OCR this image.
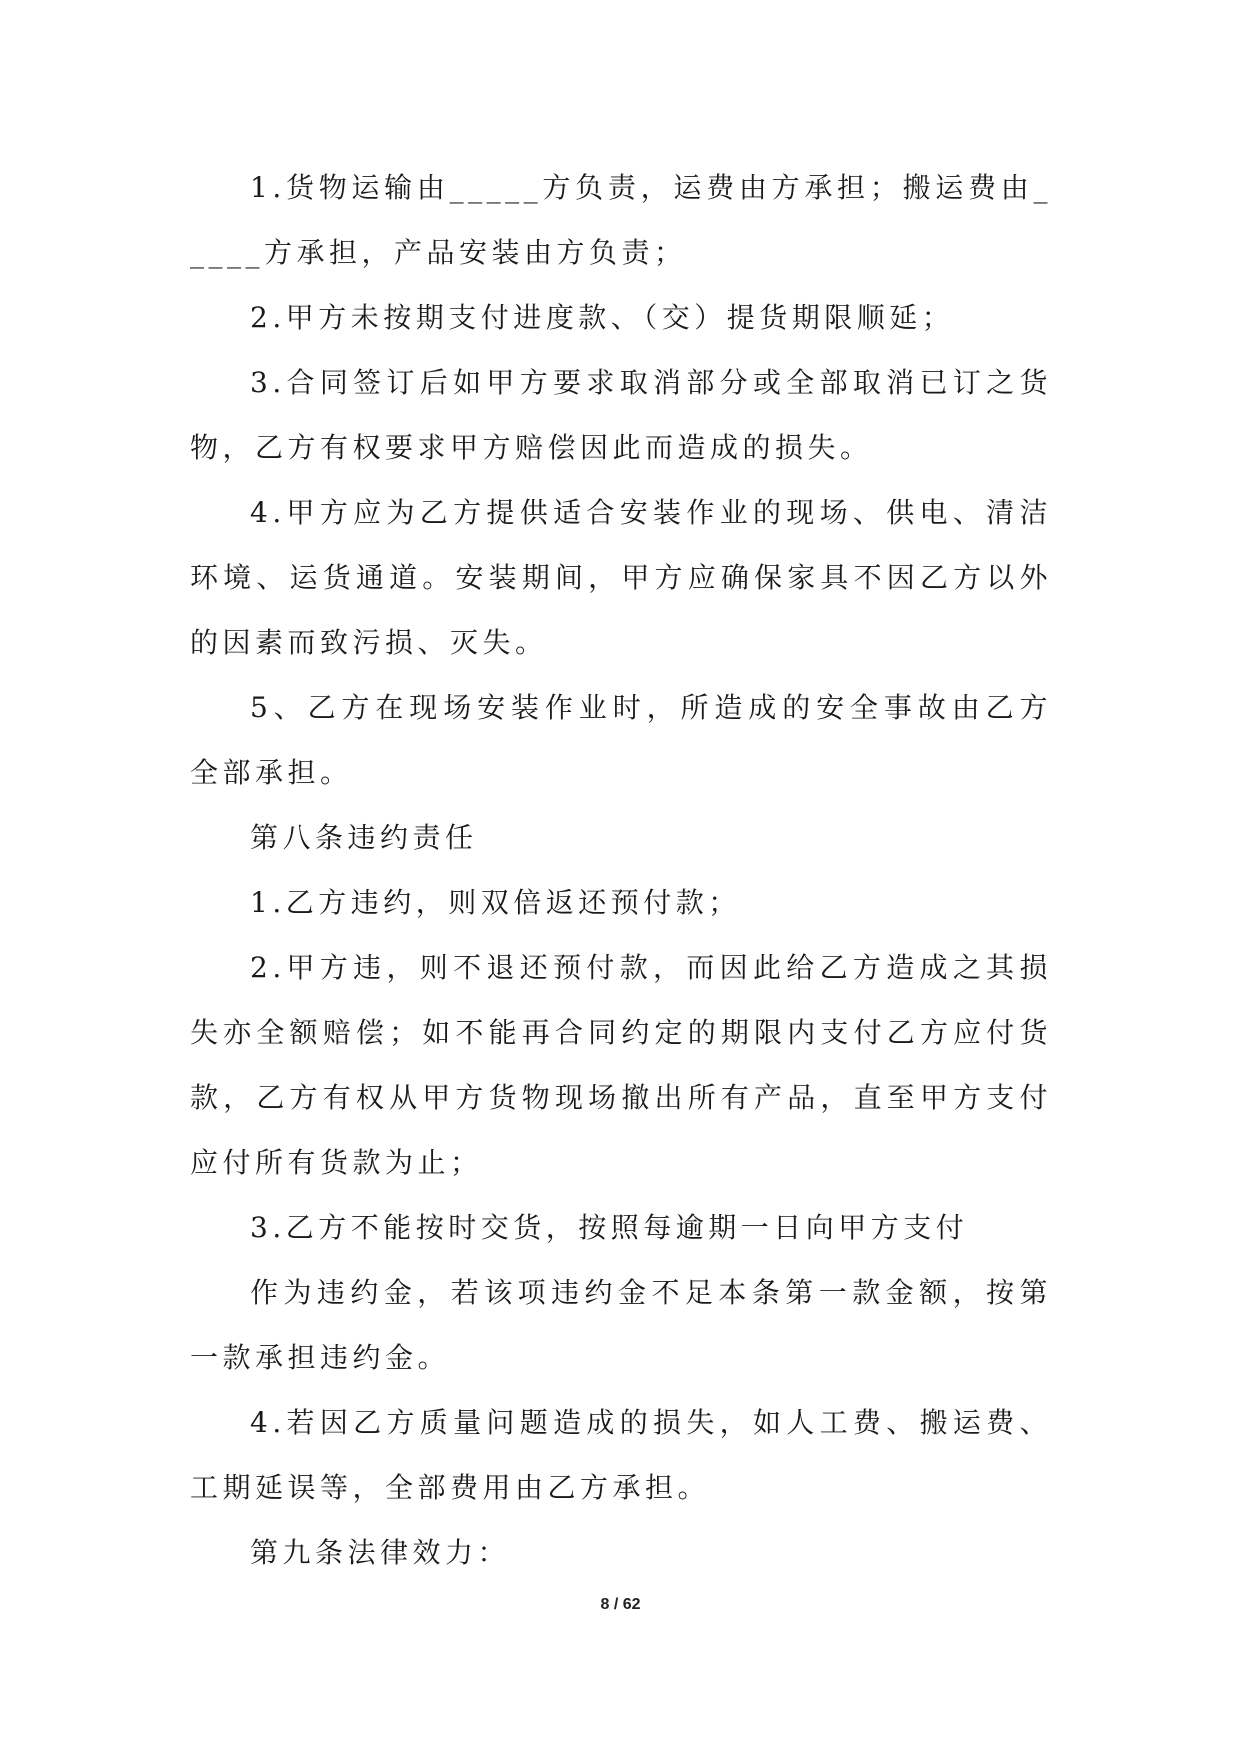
1.货物运输由_____方负责，运费由方承担；搬运费由_____方承担，产品安装由方负责；

2.甲方未按期支付进度款、（交）提货期限顺延；

3.合同签订后如甲方要求取消部分或全部取消已订之货物，乙方有权要求甲方赔偿因此而造成的损失。

4.甲方应为乙方提供适合安装作业的现场、供电、清洁环境、运货通道。安装期间，甲方应确保家具不因乙方以外的因素而致污损、灭失。

5、乙方在现场安装作业时，所造成的安全事故由乙方全部承担。

第八条违约责任

1.乙方违约，则双倍返还预付款；

2.甲方违，则不退还预付款，而因此给乙方造成之其损失亦全额赔偿；如不能再合同约定的期限内支付乙方应付货款，乙方有权从甲方货物现场撤出所有产品，直至甲方支付应付所有货款为止；

3.乙方不能按时交货，按照每逾期一日向甲方支付

作为违约金，若该项违约金不足本条第一款金额，按第一款承担违约金。

4.若因乙方质量问题造成的损失，如人工费、搬运费、工期延误等，全部费用由乙方承担。

第九条法律效力：

8 / 62
